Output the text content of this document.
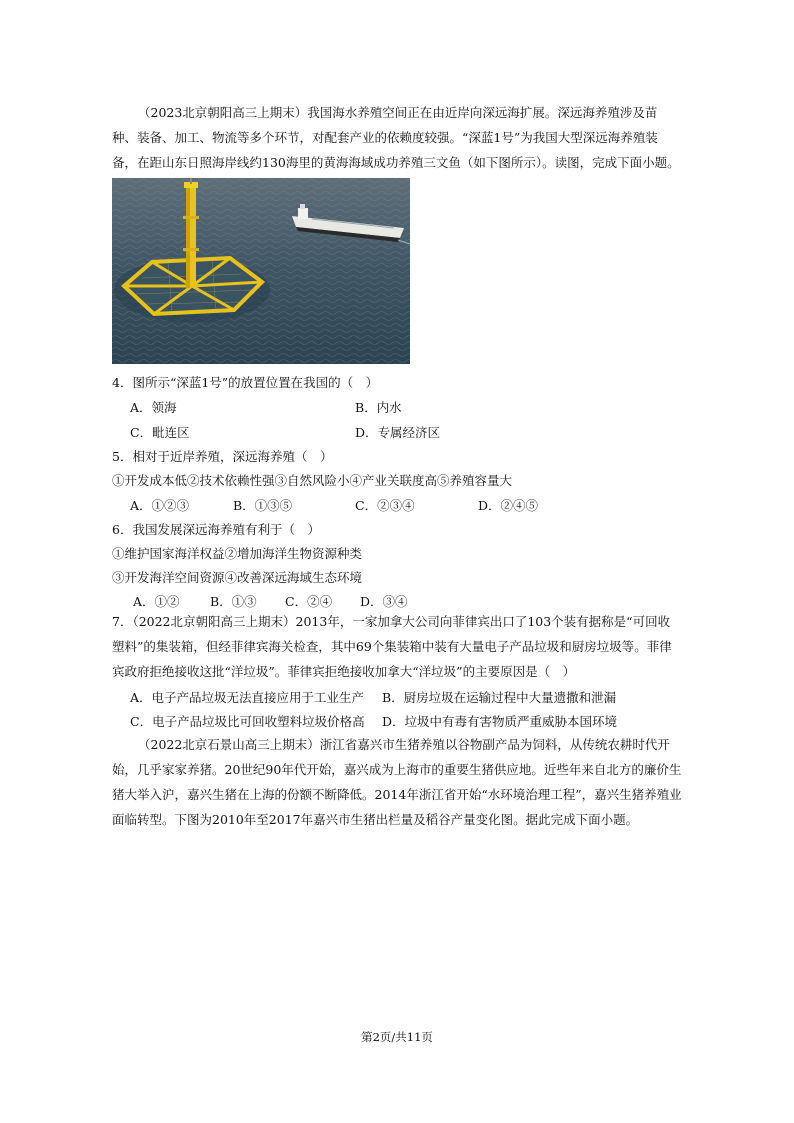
（2023北京朝阳高三上期末）我国海水养殖空间正在由近岸向深远海扩展。深远海养殖涉及苗种、装备、加工、物流等多个环节，对配套产业的依赖度较强。“深蓝1号”为我国大型深远海养殖装备，在距山东日照海岸线约130海里的黄海海域成功养殖三文鱼（如下图所示）。读图，完成下面小题。
4．图所示“深蓝1号”的放置位置在我国的（　）
A．领海	B．内水
C．毗连区	D．专属经济区
5．相对于近岸养殖，深远海养殖（　）
①开发成本低②技术依赖性强③自然风险小④产业关联度高⑤养殖容量大
A．①②③	B．①③⑤	C．②③④	D．②④⑤
6．我国发展深远海养殖有利于（　）
①维护国家海洋权益②增加海洋生物资源种类
③开发海洋空间资源④改善深远海域生态环境
A．①② B．①③ C．②④ D．③④
7．（2022北京朝阳高三上期末）2013年，一家加拿大公司向菲律宾出口了103个装有据称是“可回收塑料”的集装箱，但经菲律宾海关检查，其中69个集装箱中装有大量电子产品垃圾和厨房垃圾等。菲律宾政府拒绝接收这批“洋垃圾”。菲律宾拒绝接收加拿大“洋垃圾”的主要原因是（　）
A．电子产品垃圾无法直接应用于工业生产 B．厨房垃圾在运输过程中大量遗撒和泄漏
C．电子产品垃圾比可回收塑料垃圾价格高 D．垃圾中有毒有害物质严重威胁本国环境
（2022北京石景山高三上期末）浙江省嘉兴市生猪养殖以谷物副产品为饲料，从传统农耕时代开始，几乎家家养猪。20世纪90年代开始，嘉兴成为上海市的重要生猪供应地。近些年来自北方的廉价生猪大举入沪，嘉兴生猪在上海的份额不断降低。2014年浙江省开始“水环境治理工程”，嘉兴生猪养殖业面临转型。下图为2010年至2017年嘉兴市生猪出栏量及稻谷产量变化图。据此完成下面小题。
第2页/共11页
